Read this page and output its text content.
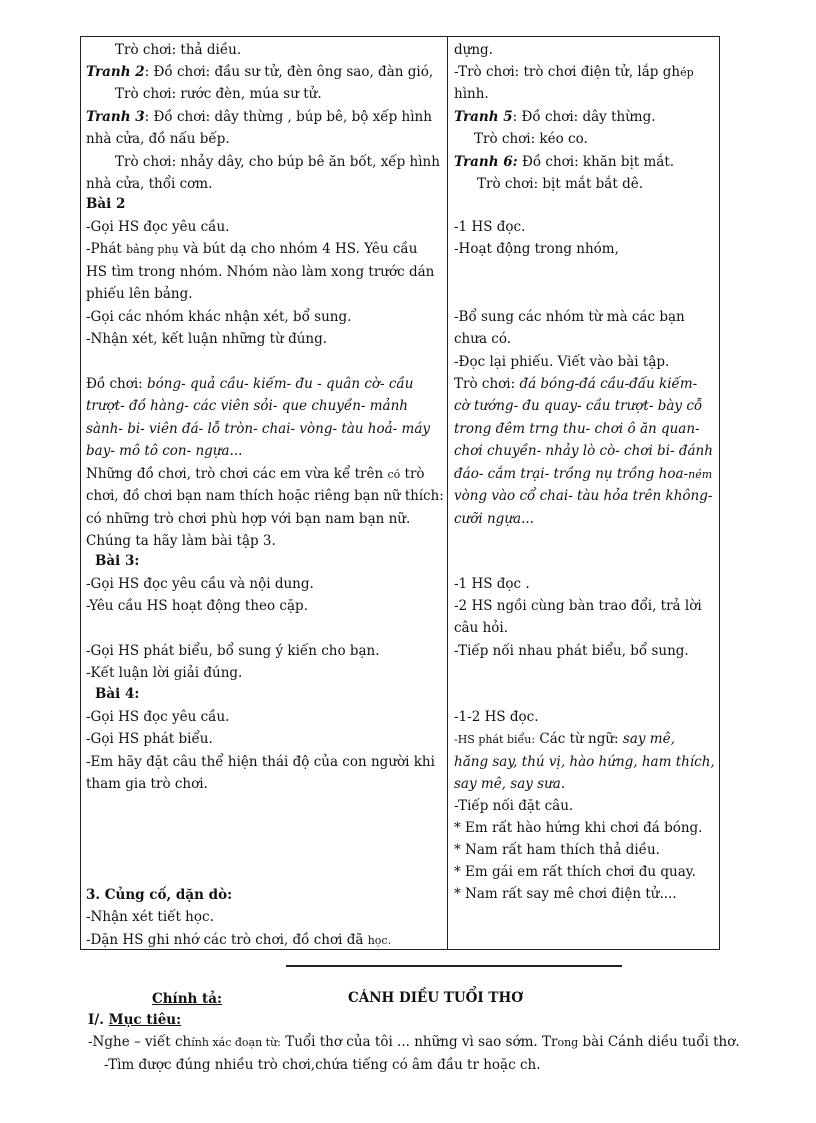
Trò chơi: thả diều.
Tranh 2: Đồ chơi: đầu sư tử, đèn ông sao, đàn gió,
Trò chơi: rước đèn, múa sư tử.
Tranh 3: Đồ chơi: dây thừng , búp bê, bộ xếp hình
nhà cửa, đồ nấu bếp.
Trò chơi: nhảy dây, cho búp bê ăn bốt, xếp hình
nhà cửa, thổi cơm.
Bài 2
-Gọi HS đọc yêu cầu.
-Phát bảng phụ và bút dạ cho nhóm 4 HS. Yêu cầu
HS tìm trong nhóm. Nhóm nào làm xong trước dán
phiếu lên bảng.
-Gọi các nhóm khác nhận xét, bổ sung.
-Nhận xét, kết luận những từ đúng.
Đồ chơi: bóng- quả cầu- kiếm- đu - quân cờ- cầu
trượt- đồ hàng- các viên sỏi- que chuyền- mảnh
sành- bi- viên đá- lỗ tròn- chai- vòng- tàu hoả- máy
bay- mô tô con- ngựa...
Những đồ chơi, trò chơi các em vừa kể trên có trò
chơi, đồ chơi bạn nam thích hoặc riêng bạn nữ thích:
có những trò chơi phù hợp với bạn nam bạn nữ.
Chúng ta hãy làm bài tập 3.
Bài 3:
-Gọi HS đọc yêu cầu và nội dung.
-Yêu cầu HS hoạt động theo cặp.
-Gọi HS phát biểu, bổ sung ý kiến cho bạn.
-Kết luận lời giải đúng.
Bài 4:
-Gọi HS đọc yêu cầu.
-Gọi HS phát biểu.
-Em hãy đặt câu thể hiện thái độ của con người khi
tham gia trò chơi.
3. Củng cố, dặn dò:
-Nhận xét tiết học.
-Dặn HS ghi nhớ các trò chơi, đồ chơi đã học.
dựng.
-Trò chơi: trò chơi điện tử, lắp ghép
hình.
Tranh 5: Đồ chơi: dây thừng.
Trò chơi: kéo co.
Tranh 6: Đồ chơi: khăn bịt mắt.
Trò chơi: bịt mắt bắt dê.
-1 HS đọc.
-Hoạt động trong nhóm,
-Bổ sung các nhóm từ mà các bạn
chưa có.
-Đọc lại phiếu. Viết vào bài tập.
Trò chơi: đá bóng-đá cầu-đấu kiếm-
cờ tướng- đu quay- cầu trượt- bày cỗ
trong đêm trng thu- chơi ô ăn quan-
chơi chuyền- nhảy lò cò- chơi bi- đánh
đáo- cắm trại- trồng nụ trồng hoa-ném
vòng vào cổ chai- tàu hỏa trên không-
cưỡi ngựa...
-1 HS đọc .
-2 HS ngồi cùng bàn trao đổi, trả lời
câu hỏi.
-Tiếp nối nhau phát biểu, bổ sung.
-1-2 HS đọc.
-HS phát biểu: Các từ ngữ: say mê,
hăng say, thú vị, hào hứng, ham thích,
say mê, say sưa.
-Tiếp nối đặt câu.
* Em rất hào hứng khi chơi đá bóng.
* Nam rất ham thích thả diều.
* Em gái em rất thích chơi đu quay.
* Nam rất say mê chơi điện tử....
Chính tả:	CÁNH DIỀU TUỔI THƠ
I/. Mục tiêu:
-Nghe – viết chính xác đoạn từ: Tuổi thơ của tôi ... những vì sao sớm. Trong bài Cánh diều tuổi thơ.
-Tìm được đúng nhiều trò chơi,chứa tiếng có âm đầu tr hoặc ch.
